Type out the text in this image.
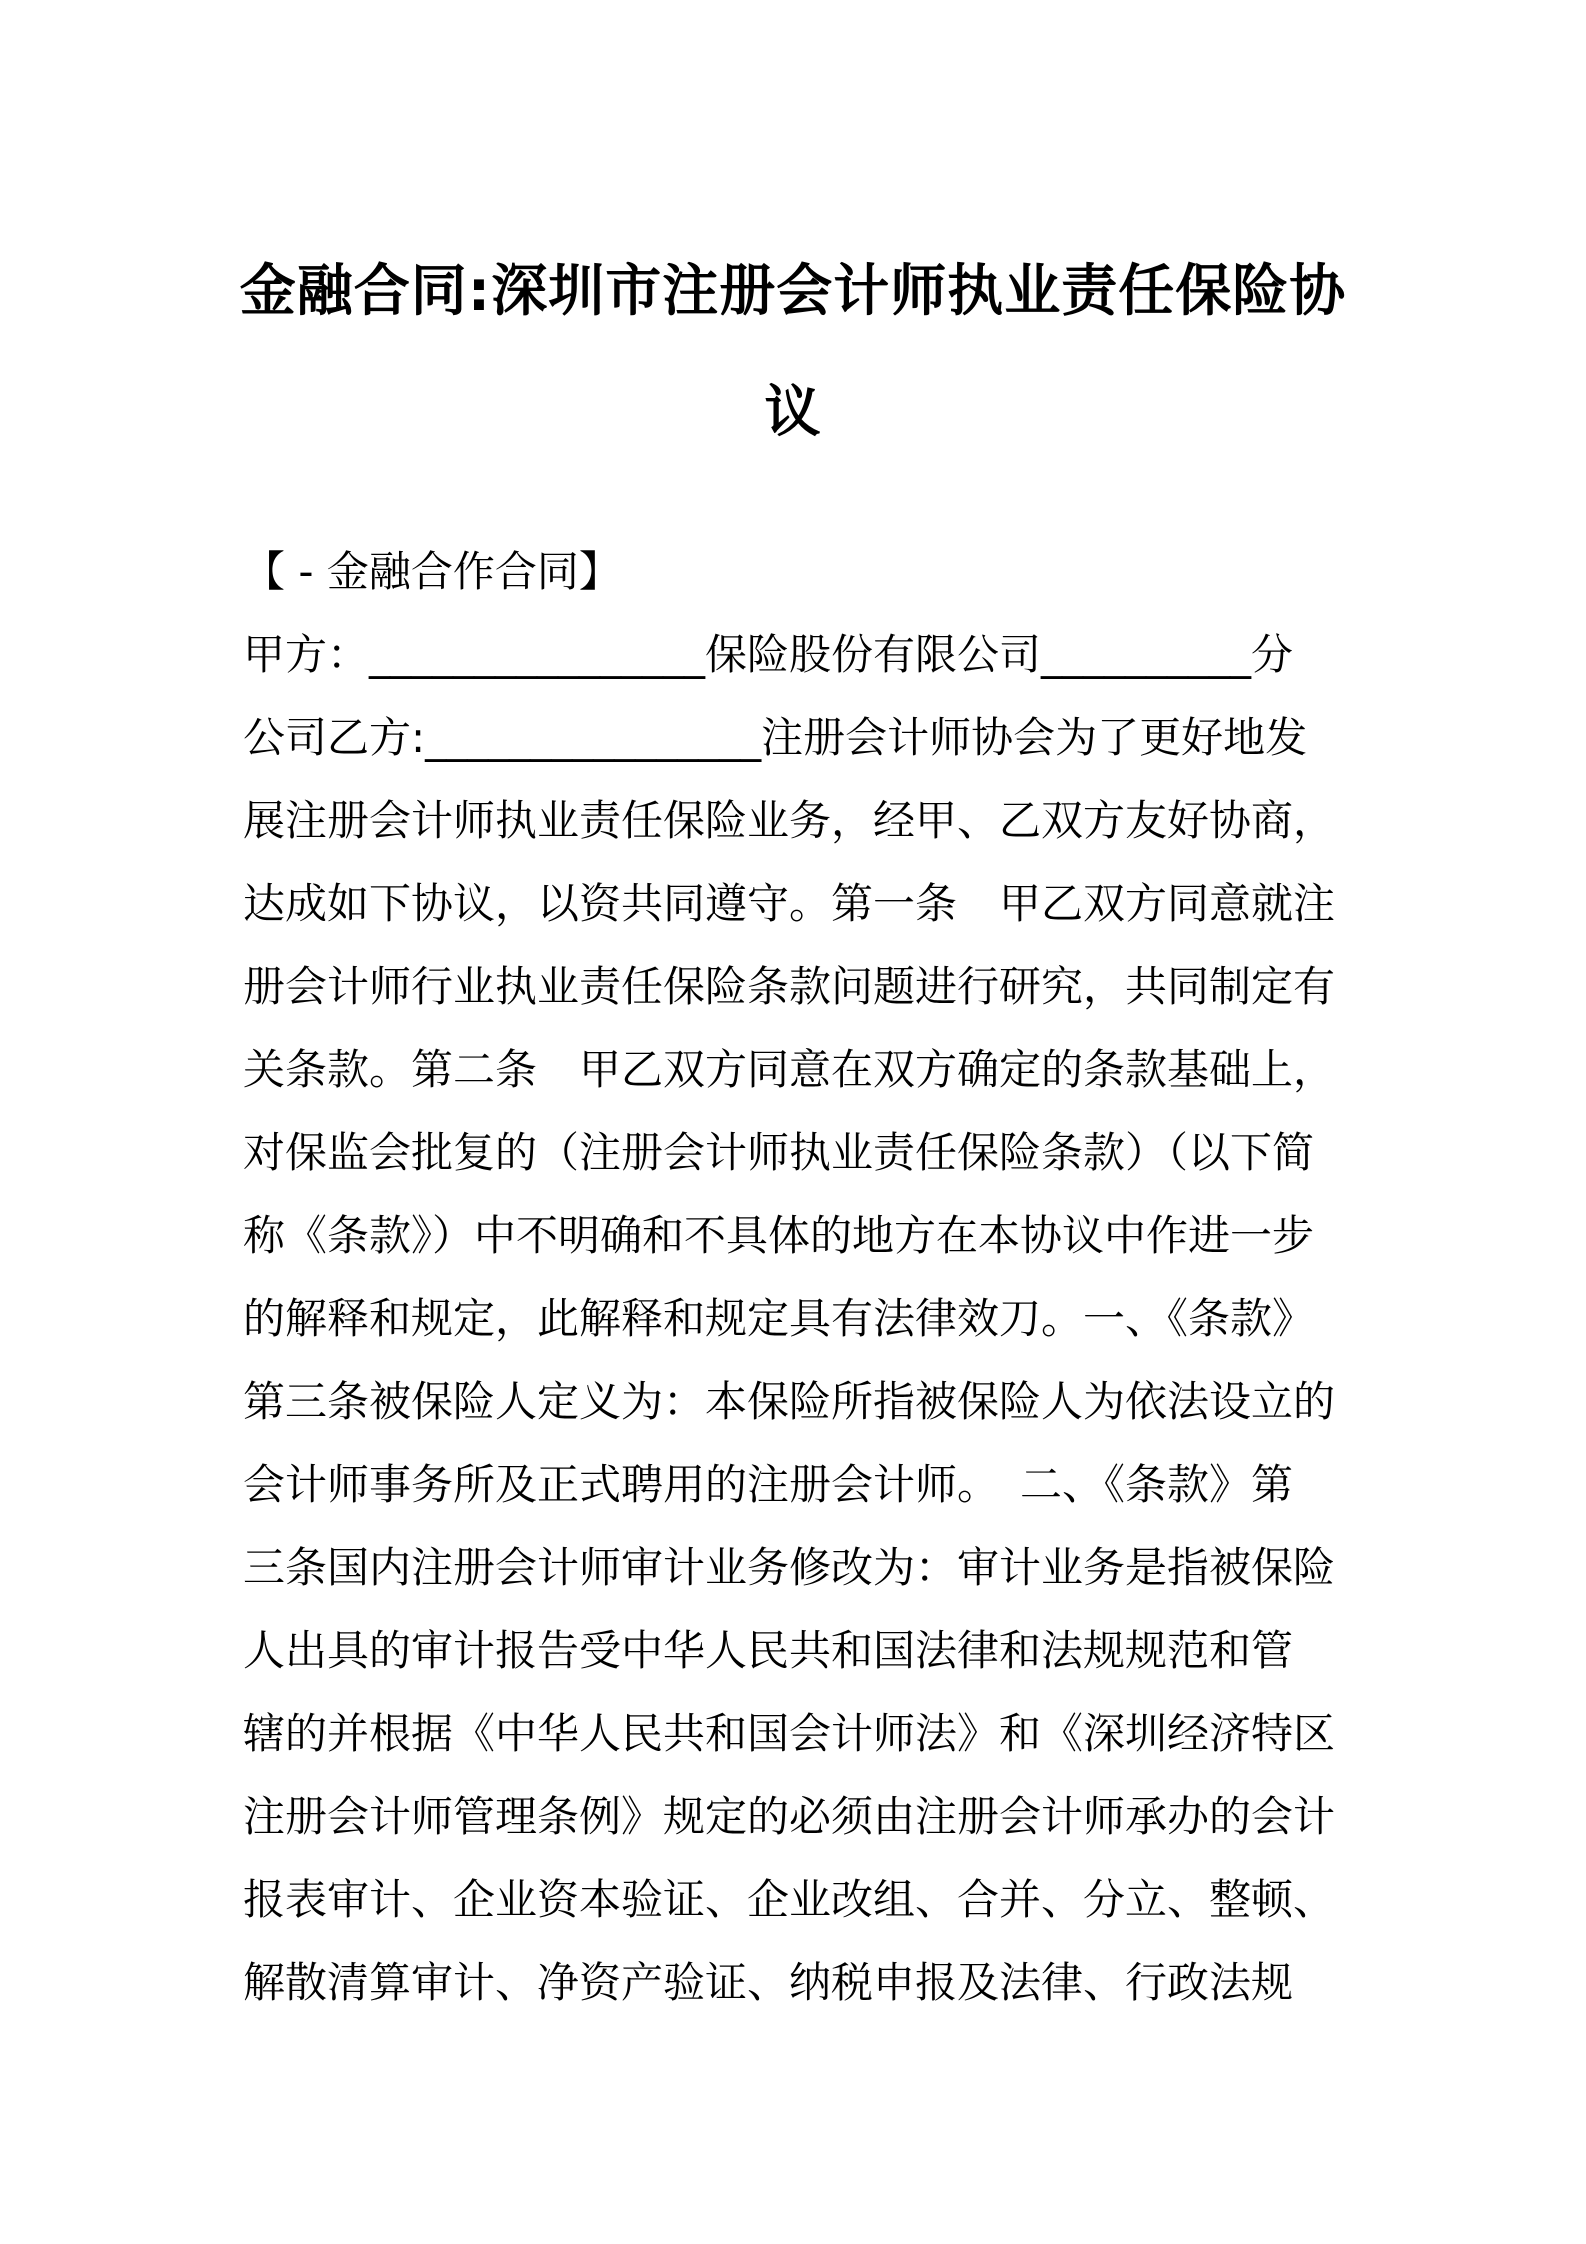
金融合同:深圳市注册会计师执业责任保险协
议
【 - 金融合作合同】
甲方：________________保险股份有限公司__________分
公司乙方:________________注册会计师协会为了更好地发
展注册会计师执业责任保险业务，经甲、乙双方友好协商，
达成如下协议，以资共同遵守。第一条　甲乙双方同意就注
册会计师行业执业责任保险条款问题进行研究，共同制定有
关条款。第二条　甲乙双方同意在双方确定的条款基础上，
对保监会批复的（注册会计师执业责任保险条款）（以下简
称《条款》）中不明确和不具体的地方在本协议中作进一步
的解释和规定，此解释和规定具有法律效刀。一、《条款》
第三条被保险人定义为：本保险所指被保险人为依法设立的
会计师事务所及正式聘用的注册会计师。　二、《条款》第
三条国内注册会计师审计业务修改为：审计业务是指被保险
人出具的审计报告受中华人民共和国法律和法规规范和管
辖的并根据《中华人民共和国会计师法》和《深圳经济特区
注册会计师管理条例》规定的必须由注册会计师承办的会计
报表审计、企业资本验证、企业改组、合并、分立、整顿、
解散清算审计、净资产验证、纳税申报及法律、行政法规
